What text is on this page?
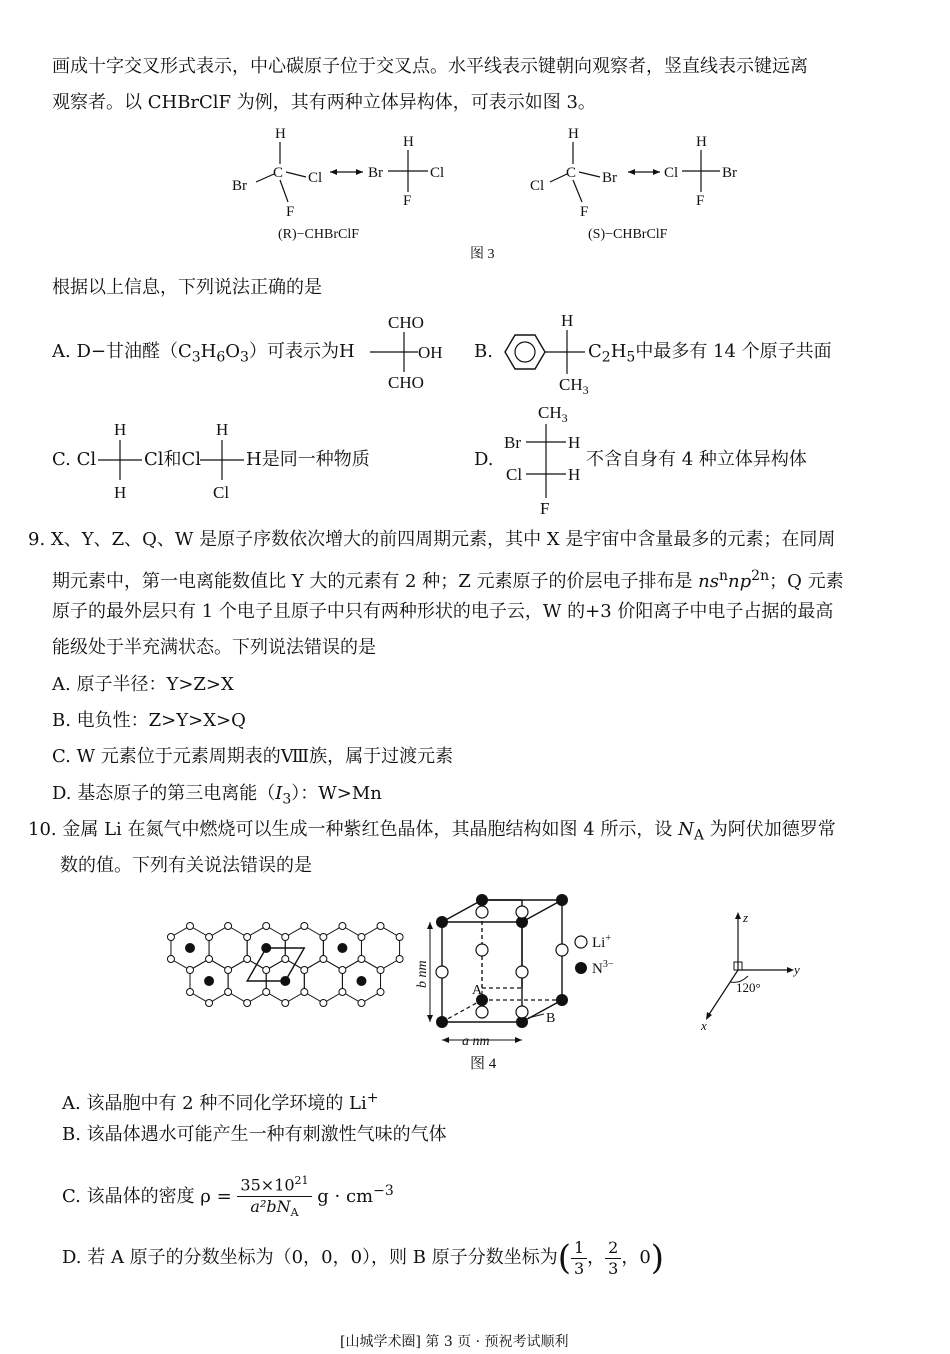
画成十字交叉形式表示，中心碳原子位于交叉点。水平线表示键朝向观察者，竖直线表示键远离
观察者。以 CHBrClF 为例，其有两种立体异构体，可表示如图 3。
H
C
Br	Cl
F
Br	Cl
H
F
(R)−CHBrClF
图 3
H
C
Cl	Br
F
Cl	Br
H
F
(S)−CHBrClF
根据以上信息，下列说法正确的是
A. D−甘油醛$(C_3H_6O_3)$可表示为H
CHO
OH
CHO
B.
H
$CH_3$
$C_2H_5$中最多有 14 个原子共面
C. Cl
H
H
Cl和Cl
H
Cl
H是同一种物质	D.
$CH_3$
Br	H
Cl	H
F
不含自身有 4 种立体异构体
9. X、Y、Z、Q、W 是原子序数依次增大的前四周期元素，其中 X 是宇宙中含量最多的元素；在同周
期元素中，第一电离能数值比 Y 大的元素有 2 种；Z 元素原子的价层电子排布是 $ns^nnp^{2n}$；Q 元素
原子的最外层只有 1 个电子且原子中只有两种形状的电子云，W 的+3 价阳离子中电子占据的最高
能级处于半充满状态。下列说法错误的是
A. 原子半径：Y>Z>X
B. 电负性：Z>Y>X>Q
C. W 元素位于元素周期表的Ⅷ族，属于过渡元素
D. 基态原子的第三电离能$(I_3)$：W>Mn
10. 金属 Li 在氮气中燃烧可以生成一种紫红色晶体，其晶胞结构如图 4 所示，设 $N_A$ 为阿伏加德罗常
数的值。下列有关说法错误的是
A
B
b nm
a nm
图 4
Li+
$N^{3-}$
z
y
x
120°
A. 该晶胞中有 2 种不同化学环境的 Li+
B. 该晶体遇水可能产生一种有刺激性气味的气体
C. 该晶体的密度 $\rho = \frac{35\times 10^{21}}{a^2bN_A}$ $g \cdot cm^{-3}$
D. 若 A 原子的分数坐标为（0，0，0），则 B 原子分数坐标为( $\frac{1}{3}$ ， $\frac{2}{3}$ ，0)
[山城学术圈] 第 3 页 · 预祝考试顺利
